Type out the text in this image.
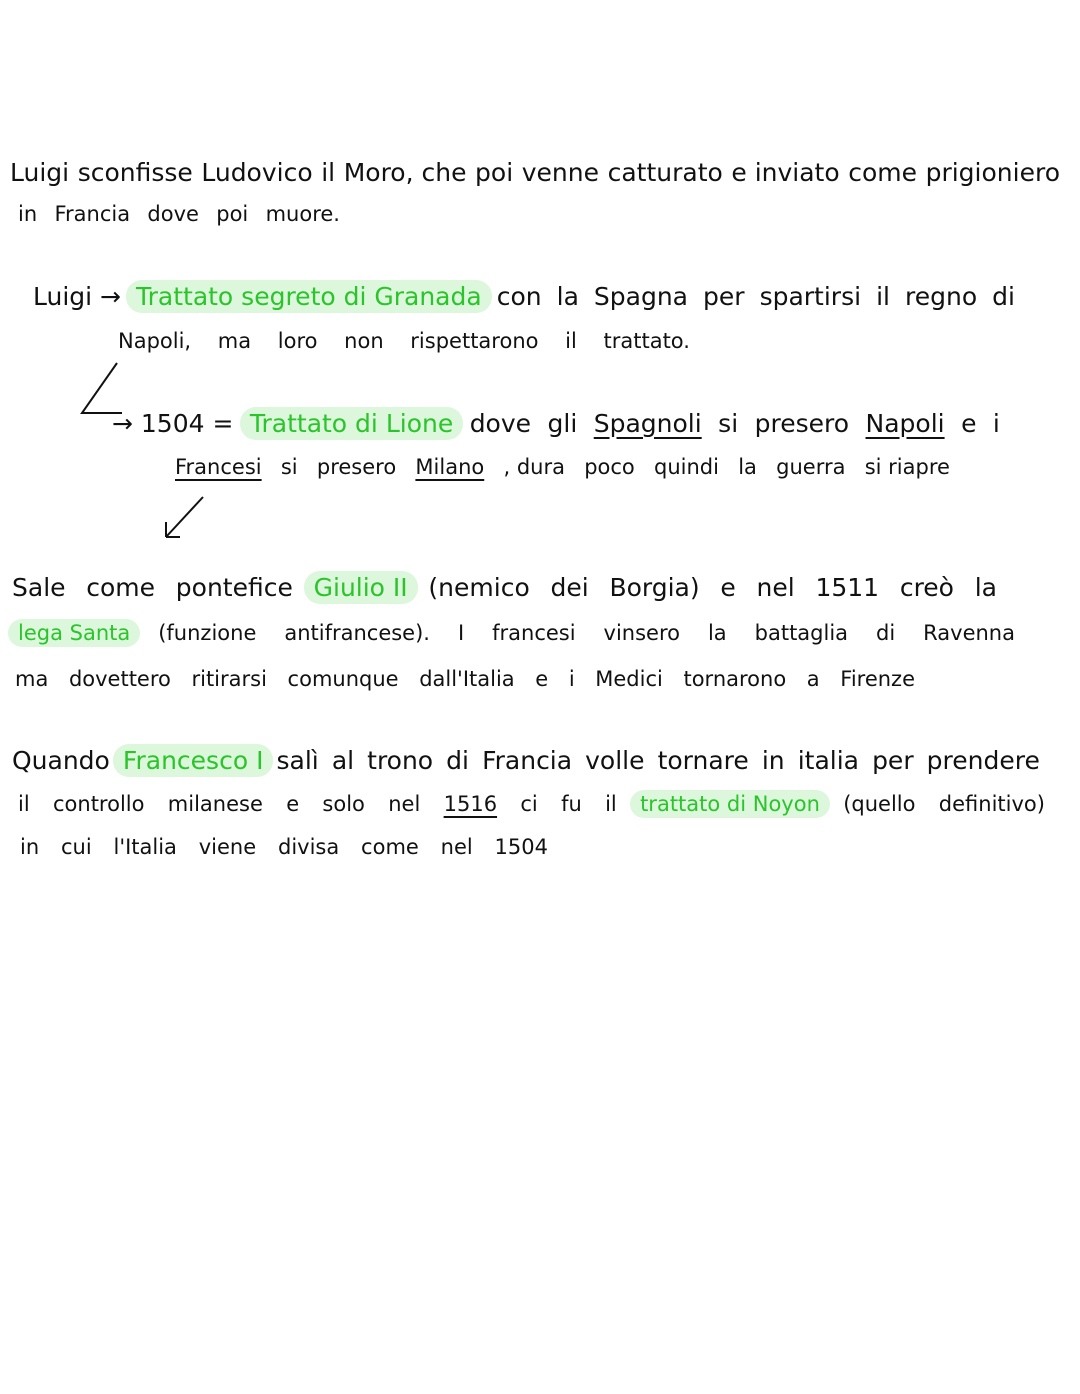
Luigi sconfisse Ludovico il Moro, che poi venne catturato e inviato come prigioniero
in Francia dove poi muore.
Luigi → Trattato segreto di Granada con la Spagna per spartirsi il regno di
Napoli, ma loro non rispettarono il trattato.
→ 1504 = Trattato di Lione dove gli Spagnoli si presero Napoli e i
Francesi si presero Milano , dura poco quindi la guerra si riapre
Sale come pontefice Giulio II (nemico dei Borgia) e nel 1511 creò la
lega Santa	(funzione antifrancese). I francesi vinsero la battaglia di Ravenna
ma dovettero ritirarsi comunque dall'Italia e i Medici tornarono a Firenze
Quando Francesco I salì al trono di Francia volle tornare in italia per prendere
il controllo milanese e solo nel 1516 ci fu il	trattato di Noyon	(quello definitivo)
in cui l'Italia viene divisa come nel 1504
